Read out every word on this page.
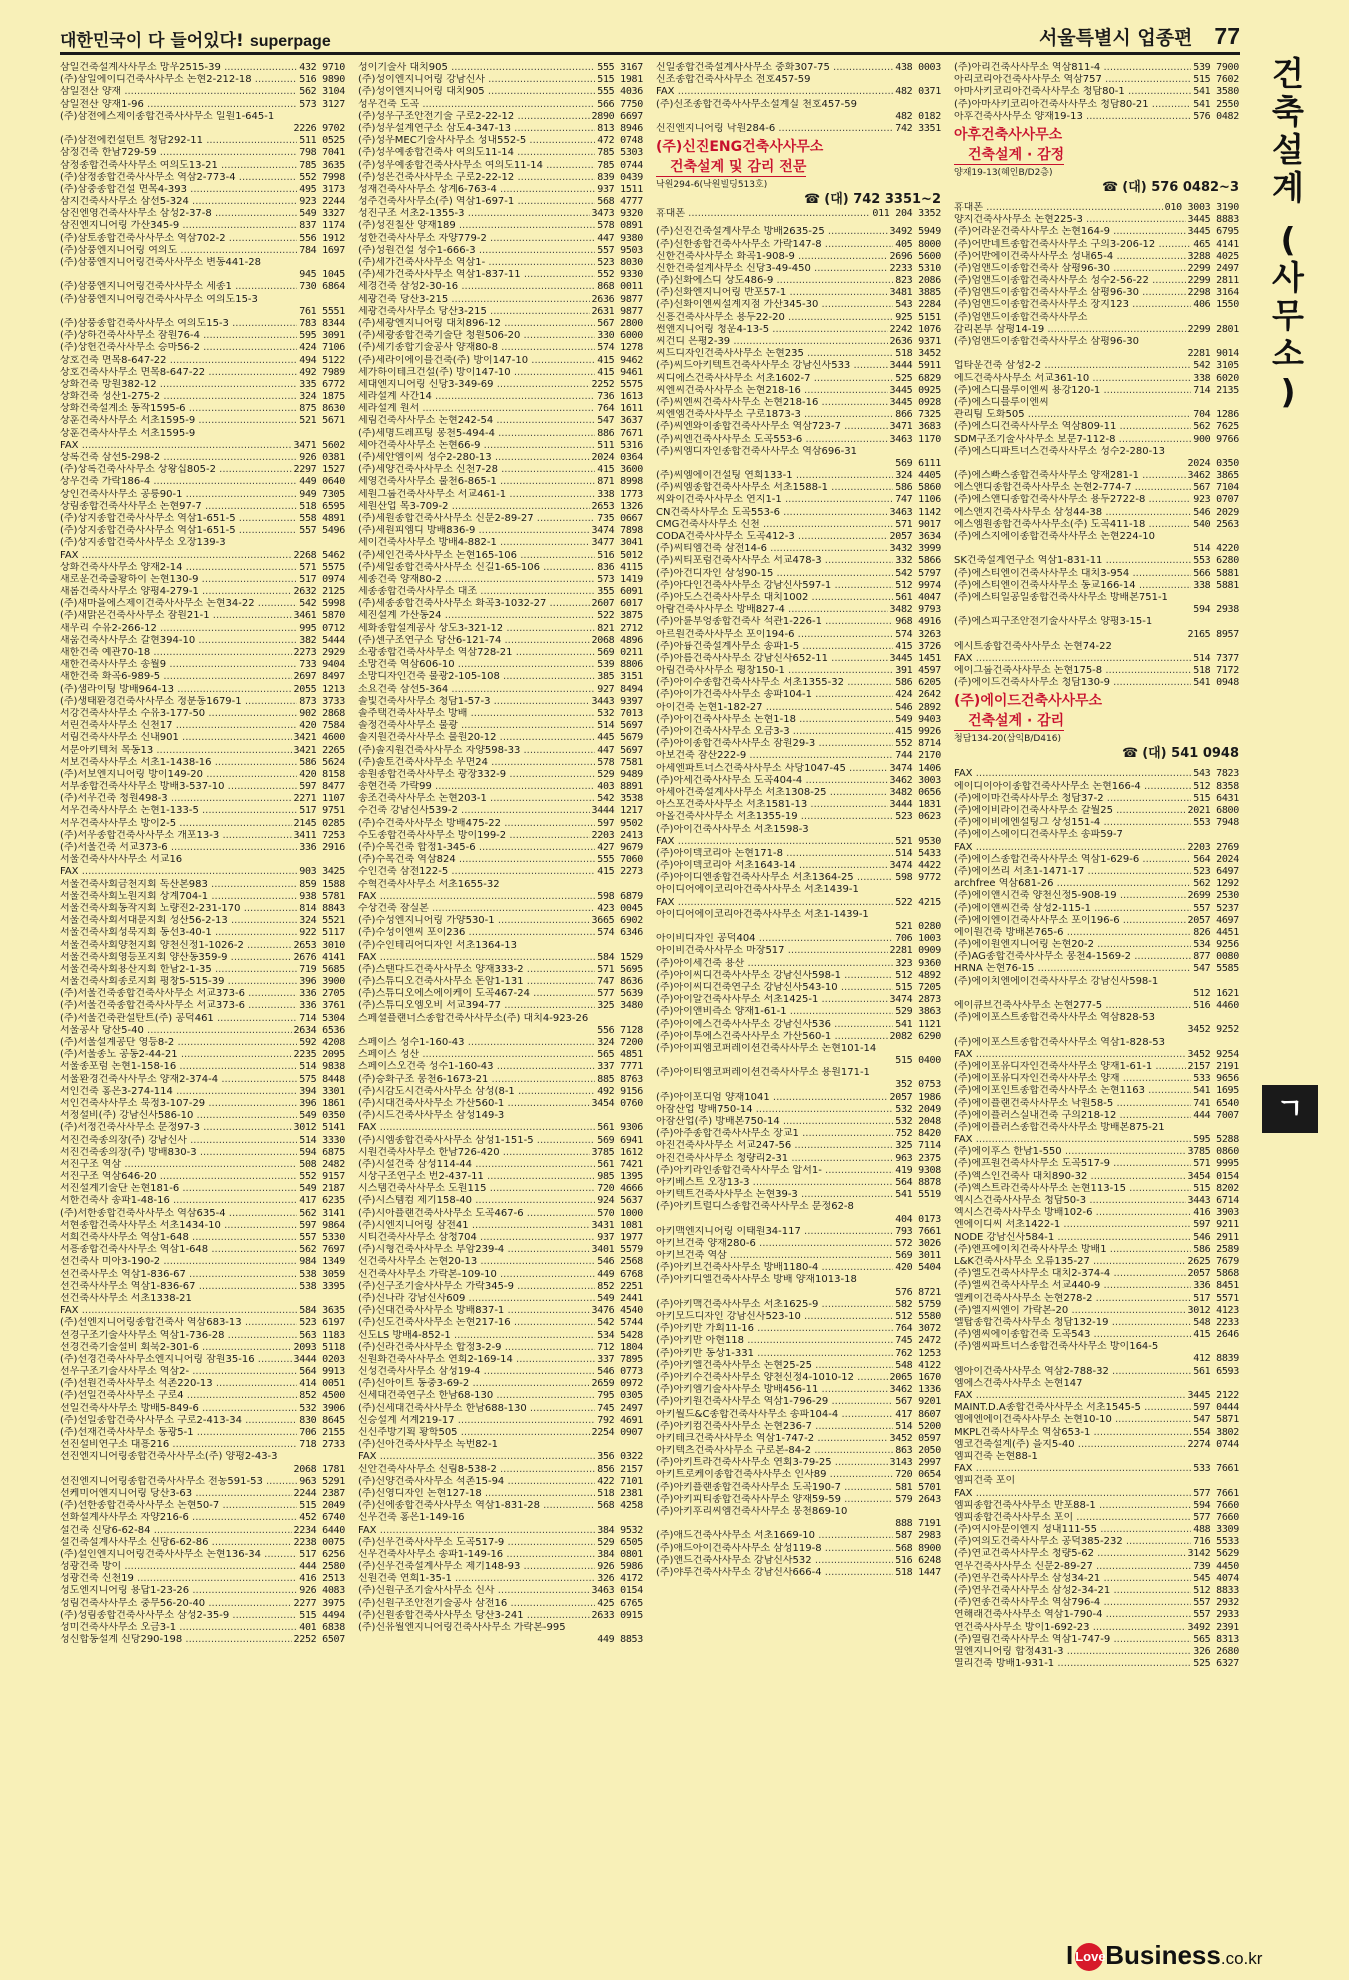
대한민국이 다 들어있다! superpage	서울특별시 업종편 77
건
축
설
계
(
사
무
소
)
ㄱ
삼일건축설계사사무소 망우2515-39 .....	432 9710
(주)삼일에이디건축사사무소 논현2-212-18 .....	516 9890
삼일전산 양재 .....	562 3104
삼일전산 양재1-96 .....	573 3127
(주)삼전에스제이종합건축사사무소 일원1-645-1
2226 9702
(주)삼전에컨설턴트 청담292-11 .....	511 0525
삼정건축 한남729-59 .....	798 7041
삼정종합건축사사무소 여의도13-21 .....	785 3635
(주)삼정종합건축사사무소 역삼2-773-4 .....	552 7998
(주)삼중종합건설 면목4-393 .....	495 3173
삼지건축사사무소 삼선5-324 .....	923 2244
삼진엔영건축사사무소 삼성2-37-8 .....	549 3327
삼진엔지니어링 가산345-9 .....	837 1174
(주)삼토종합건축사사무소 역삼702-2 .....	556 1912
(주)삼풍엔지니어링 여의도 .....	784 1697
(주)삼풍엔지니어링건축사사무소 변동441-28
945 1045
(주)삼풍엔지니어링건축사사무소 세종1 .....	730 6864
(주)삼풍엔지니어링건축사사무소 여의도15-3
761 5551
(주)삼풍종합건축사사무소 여의도15-3 .....	783 8344
(주)상하건축사사무소 잠원76-4 .....	595 3091
(주)상헌건축사사무소 승마56-2 .....	424 7106
상호건축 면목8-647-22 .....	494 5122
상호건축사사무소 면목8-647-22 .....	492 7989
상화건축 망원382-12 .....	335 6772
상화건축 성산1-275-2 .....	324 1875
상화건축설계소 동작1595-6 .....	875 8630
상훈건축사사무소 서초1595-9 .....	521 5671
상훈건축사사무소 서초1595-9
FAX .....	3471 5602
상록건축 삼선5-298-2 .....	926 0381
(주)상록건축사사무소 상왕십805-2 .....	2297 1527
상우건축 가락186-4 .....	449 0640
상인건축사사무소 공릉90-1 .....	949 7305
상림종합건축사사무소 논현97-7 .....	518 6595
(주)상지종합건축사사무소 역삼1-651-5 .....	558 4891
(주)상지종합건축사사무소 역삼1-651-5 .....	557 5496
(주)상지종합건축사사무소 오장139-3
FAX .....	2268 5462
상화건축사사무소 양재2-14 .....	571 5575
새로운건축출황하이 논현130-9 .....	517 0974
새롬건축사사무소 양평4-279-1 .....	2632 2125
(주)새마을에스제이건축사사무소 논현34-22 .....	542 5998
(주)새맑은건축사사무소 잠원21-1 .....	3461 5870
새우리 수유2-266-12 .....	995 0712
새움건축사사무소 갈현394-10 .....	382 5444
새한건축 예관70-18 .....	2273 2929
새한건축사사무소 송월9 .....	733 9404
새한건축 화곡6-989-5 .....	2697 8497
(주)샘라이팅 방배964-13 .....	2055 1213
(주)생태환경건축사사무소 정분동1679-1 .....	873 3733
서강건축사사무소 수유3-177-50 .....	902 2868
서린건축사사무소 신천17 .....	420 7584
서림건축사사무소 신내901 .....	3421 4600
서문아키텍처 목동13 .....	3421 2265
서보건축사사무소 서초1-1438-16 .....	586 5624
(주)서보엔지니어링 방이149-20 .....	420 8158
서부종합건축사사무소 방배3-537-10 .....	597 8477
(주)서우건축 청원498-3 .....	2271 1107
서우건축사사무소 논현1-133-5 .....	517 9751
서우건축사사무소 방이2-5 .....	2145 0285
(주)서우종합건축사사무소 개포13-3 .....	3411 7253
(주)서울건축 서교373-6 .....	336 2916
서울건축사사사무소 서교16
FAX .....	903 3425
서울건축사회금천지회 독산본983 .....	859 1588
서울건축사회노원지회 상계704-1 .....	938 5781
서울건축사회동작지회 노량진2-231-170 .....	814 8843
서울건축사회서대문지회 성산56-2-13 .....	324 5521
서울건축사회성북지회 동선3-40-1 .....	922 5117
서울건축사회양천지회 양천신정1-1026-2 .....	2653 3010
서울건축사회영등포지회 양산동359-9 .....	2676 4141
서울건축사회용산지회 한남2-1-35 .....	719 5685
서울건축사회종로지회 평창5-515-39 .....	396 3900
(주)서울건축종합건축사사무소 서교373-6 .....	336 2705
(주)서울건축종합건축사사무소 서교373-6 .....	336 3761
(주)서울건축관설탄트(주) 공덕461 .....	714 5304
서울공사 당산5-40 .....	2634 6536
(주)서울설계공단 영등8-2 .....	592 4208
(주)서울종노 공동2-44-21 .....	2235 2095
서울종포럼 논현1-158-16 .....	514 9838
서울환경건축사사무소 양재2-374-4 .....	575 8448
서인건축 홍은3-274-114 .....	394 3301
서인건축사사무소 북정3-107-29 .....	396 1861
서정설비(주) 강남신사586-10 .....	549 0350
(주)서정건축사사무소 문정97-3 .....	3012 5141
서진건축종의장(주) 강남신사 .....	514 3330
서진건축종의장(주) 방배830-3 .....	594 6875
서진구조 역삼 .....	508 2482
서진구조 역삼646-20 .....	552 9157
서진설계기술단 논현181-6 .....	549 2187
서한건축사 송파1-48-16 .....	417 6235
(주)서한종합건축사사무소 역삼635-4 .....	562 3141
서현종합건축사사무소 서초1434-10 .....	597 9864
서희건축사사무소 역삼1-648 .....	557 5330
서흥종합건축사사무소 역삼1-648 .....	562 7697
선건축사 미아3-190-2 .....	984 1349
선건축사무소 역삼1-836-67 .....	538 3059
선건축사사무소 역삼1-836-67 .....	538 3395
선건축사사무소 서초1338-21
FAX .....	584 3635
(주)선엔지니어링종합건축사 역삼683-13 .....	523 6197
선경구조기술사사무소 역삼1-736-28 .....	563 1183
선경건축기술설비 회묵2-301-6 .....	2093 5118
(주)선경건축사사무소엔지니어링 잠원35-16 .....	3444 0203
선우구조기술사사무소 역삼2- .....	564 9913
(주)선원건축사사무소 석촌220-13 .....	414 0051
(주)선일건축사사무소 구로4 .....	852 4500
선일건축사사무소 방배5-849-6 .....	532 3906
(주)선일종합건축사사무소 구로2-413-34 .....	830 8645
(주)선재건축사사무소 동광5-1 .....	706 2155
선진설비연구소 대흥216 .....	718 2733
선진엔지니어링종합건축사사무소(주) 양평2-43-3
2068 1781
선진엔지니어링종합건축사사무소 전농591-53 .....	963 5291
선케미어엔지니어링 당산3-63 .....	2244 2387
(주)선한종합건축사사무소 논현50-7 .....	515 2049
선화설계사사무소 자양216-6 .....	452 6740
설건축 신당6-62-84 .....	2234 6440
설건축설계사사무소 신당6-62-86 .....	2238 0075
(주)설인엔지니어링건축사사무소 논현136-34 .....	517 6256
성광건축 방이 .....	444 2580
성광건축 신천19 .....	416 2513
성도엔지니어링 용답1-23-26 .....	926 4083
성림건축사사무소 충무56-20-40 .....	2277 3975
(주)성림종합건축사사무소 삼성2-35-9 .....	515 4494
성미건축사사무소 오금3-1 .....	401 6838
성신합동설계 신당290-198 .....	2252 6507
성이기술사 대치905 .....	555 3167
(주)성이엔지니어링 강남신사 .....	515 1981
(주)성이엔지니어링 대치905 .....	555 4036
성우건축 도곡 .....	566 7750
(주)성우구조안전기술 구로2-22-12 .....	2890 6697
(주)성우설계연구소 삼도4-347-13 .....	813 8946
(주)성우MEC기술사사무소 성내552-5 .....	472 0748
(주)성우예종합건축사 여의도11-14 .....	785 5303
(주)성우예종합건축사사무소 여의도11-14 .....	785 0744
(주)성은건축사사무소 구로2-22-12 .....	839 0439
성재건축사사무소 상계6-763-4 .....	937 1511
성주건축사사무소(주) 역삼1-697-1 .....	568 4777
성진구조 서초2-1355-3 .....	3473 9320
(주)성진칠산 양재189 .....	578 0891
성한건축사사무소 자양779-2 .....	447 9380
(주)성원건설 성수1-666-3 .....	557 9503
(주)세가건축사사무소 역삼1- .....	523 8030
(주)세가건축사사무소 역삼1-837-11 .....	552 9330
세경건축 삼성2-30-16 .....	868 0011
세광건축 당산3-215 .....	2636 9877
세광건축사사무소 당산3-215 .....	2631 9877
(주)세광엔지니어링 대치896-12 .....	567 2800
(주)세광종합건축기술단 청원506-20 .....	330 6000
(주)세기종합기술공사 양재80-8 .....	574 1278
(주)세라이에이블건축(주) 방이147-10 .....	415 9462
세가하이테크건설(주) 방이147-10 .....	415 9461
세대엔지니어링 신당3-349-69 .....	2252 5575
세라설계 사간14 .....	736 1613
세라설계 원서 .....	764 1611
세림건축사사무소 논현242-54 .....	547 3637
(주)세명드레프팅 봉천5-494-4 .....	886 7671
세아건축사사무소 논현66-9 .....	511 5316
(주)세안엠이씨 성수2-280-13 .....	2024 0364
(주)세양건축사사무소 신천7-28 .....	415 3600
세영건축사사무소 불천6-865-1 .....	871 8998
세원그룹건축사사무소 서교461-1 .....	338 1773
세원산업 목3-709-2 .....	2653 1326
(주)세원종합건축사사무소 신문2-89-27 .....	735 0667
(주)세원피엠디 방배836-9 .....	3474 7898
세이건축사사무소 방배4-882-1 .....	3477 3041
(주)세인건축사사무소 논현165-106 .....	516 5012
(주)세일종합건축사사무소 신길1-65-106 .....	836 4115
세종건축 양재80-2 .....	573 1419
세종종합건축사사무소 대조 .....	355 6091
(주)세종종합건축사사무소 화곡3-1032-27 .....	2607 6017
세진설계 가산동24 .....	522 3875
세화종합설계공사 상도3-321-12 .....	821 2712
(주)센구조연구소 당산6-121-74 .....	2068 4896
소광종합건축사사무소 역삼728-21 .....	569 0211
소망건축 역삼606-10 .....	539 8806
소망디자인건축 불광2-105-108 .....	385 3151
소요건축 삼선5-364 .....	927 8494
솔빛건축사사무소 청담1-57-3 .....	3443 9397
솔주택건축사사무소 방배 .....	532 7013
솔정건축사사무소 불광 .....	514 5697
솔지원건축사사무소 불원20-12 .....	445 5679
(주)솔지원건축사사무소 자양598-33 .....	447 5697
(주)솔토건축사사무소 우면24 .....	578 7581
송원종합건축사사무소 광장332-9 .....	529 9489
송현건축 가락99 .....	403 8891
송조건축사사무소 논현203-1 .....	542 3538
수건축 강남신사539-2 .....	3444 1217
(주)수건축사사무소 방배475-22 .....	597 9502
수도종합건축사사무소 방이199-2 .....	2203 2413
(주)수목건축 합정1-345-6 .....	427 9679
(주)수목건축 역삼824 .....	555 7060
수인건축 삼전122-5 .....	415 2273
수혁건축사사무소 서초1655-32
FAX .....	598 6879
수상건축 잠실본 .....	423 0045
(주)수성엔지니어링 가양530-1 .....	3665 6902
(주)수성이엔씨 포이236 .....	574 6346
(주)수인테리어디자인 서초1364-13
FAX .....	584 1529
(주)스탠다드건축사사무소 양재333-2 .....	571 5695
(주)스튜디오건축사사무소 돈암1-131 .....	747 8636
(주)스튜디오에스에이케이 도곡467-24 .....	577 5639
(주)스튜디오엠오비 서교394-77 .....	325 3480
스페셜플랜너스종합건축사사무소(주) 대치4-923-26
556 7128
스페이스 성수1-160-43 .....	324 7200
스페이스 성산 .....	565 4851
스페이스오건축 성수1-160-43 .....	337 7771
(주)승화구조 봉천6-1673-21 .....	885 8763
(주)시감도시건축사사무소 삼성(8-1 .....	492 9156
(주)시대건축사사무소 가산560-1 .....	3454 0760
(주)시드건축사사무소 삼성149-3
FAX .....	561 9306
(주)시엠종합건축사사무소 삼성1-151-5 .....	569 6941
시원건축사사무소 한남726-420 .....	3785 1612
(주)시설건축 삼성114-44 .....	561 7421
시상구조연구소 번2-437-11 .....	985 1395
시스템건축사사무소 도원115 .....	720 4666
(주)시스템컴 제기158-40 .....	924 5637
(주)시아플랜건축사사무소 도곡467-6 .....	570 1000
(주)시엔지니어링 삼전41 .....	3431 1081
시티건축사사무소 삼청704 .....	937 1977
(주)시형건축사사무소 부암239-4 .....	3401 5579
신건축사사무소 논현20-13 .....	546 2568
신건축사사무소 가락본-109-10 .....	449 6768
(주)신구조기술사사무소 가락345-9 .....	852 2251
(주)신나라 강남신사609 .....	549 2441
(주)신대건축사사무소 방배837-1 .....	3476 4540
(주)신도건축사사무소 논현217-16 .....	542 5744
신도LS 방배4-852-1 .....	534 5428
(주)신라건축사사무소 합정3-2-9 .....	712 1804
신원화건축사사무소 연희2-169-14 .....	337 7895
신성건축사사무소 삼성19-4 .....	546 0773
(주)신아이트 동충3-69-2 .....	2659 0972
신세대건축연구소 한남68-130 .....	795 0305
(주)신세대건축사사무소 한남688-130 .....	745 2497
신승설계 서계219-17 .....	792 4691
신신주방기획 황학505 .....	2254 0907
(주)신아건축사사무소 녹번82-1
FAX .....	356 0322
신안건축사사무소 신림8-538-2 .....	856 2157
(주)신양건축사사무소 석촌15-94 .....	422 7101
(주)신영디자인 논현127-18 .....	518 2381
(주)신에종합건축사사무소 역삼1-831-28 .....	568 4258
신우건축 홍은1-149-16
FAX .....	384 9532
(주)신우건축사사무소 도곡517-9 .....	529 6505
신우건축사사무소 송파1-149-16 .....	384 0801
(주)신우건축설계사무소 제기148-93 .....	926 5986
신원건축 연희1-35-1 .....	326 4172
(주)신원구조기술사사무소 신사 .....	3463 0154
(주)신원구조안전기술공사 삼전16 .....	425 6765
(주)신원종합건축사사무소 당산3-241 .....	2633 0915
(주)신유월엔지니어링건축사사무소 가락본-995
449 8853
신일종합건축설계사사무소 중화307-75 .....	438 0003
신조종합건축사사무소 전호457-59
FAX .....	482 0371
(주)신조종합건축사사무소설계실 천호457-59
482 0182
신진엔지니어링 낙원284-6 .....	742 3351
(주)신진ENG건축사사무소
건축설계 및 감리 전문
낙원294-6(낙원빌딩513호)
☎ (대) 742 3351~2
휴대폰 .....	011 204 3352
(주)신진건축설계사무소 방배2635-25 .....	3492 5949
(주)신한종합건축사사무소 가락147-8 .....	405 8000
신한건축사사무소 화곡1-908-9 .....	2696 5600
신한건축설계사무소 신당3-49-450 .....	2233 5310
(주)신화에스디 상도486-9 .....	823 2086
(주)신화엔지니어링 반포57-1 .....	3481 3885
(주)신화이엔씨설계지점 가산345-30 .....	543 2284
신흥건축사사무소 용두22-20 .....	925 5151
썬앤지니어링 청운4-13-5 .....	2242 1076
씨건디 은평2-39 .....	2636 9371
씨드디자인건축사사무소 논현235 .....	518 3452
(주)씨드아키텍트건축사사무소 강남신사533 .....	3444 5911
씨디에스건축사사무소 서초1602-7 .....	525 6829
씨엔씨건축사사무소 논현218-16 .....	3445 0925
(주)씨엔씨건축사사무소 논현218-16 .....	3445 0928
씨엔엠건축사사무소 구로1873-3 .....	866 7325
(주)씨엔와이종합건축사사무소 역삼723-7 .....	3471 3683
(주)씨엔건축사사무소 도곡553-6 .....	3463 1170
(주)씨엠디자인종합건축사사무소 역삼696-31
569 6111
(주)씨엠에이건설팅 연희133-1 .....	324 4405
(주)씨엠종합건축사사무소 서초1588-1 .....	586 5860
씨와이건축사사무소 연지1-1 .....	747 1106
CN건축사사무소 도곡553-6 .....	3463 1142
CMG건축사사무소 신천 .....	571 9017
CODA건축사사무소 도곡412-3 .....	2057 3634
(주)씨티엠건축 삼전14-6 .....	3432 3999
(주)씨티포럼건축사사무소 서교478-3 .....	332 5866
(주)아건디자인 삼성90-15 .....	542 5797
(주)아다인건축사사무소 강남신사597-1 .....	512 9974
(주)아도스건축사사무소 대치1002 .....	561 4047
아람건축사사무소 방배827-4 .....	3482 9793
(주)아륜부엉종합건축사 석관1-226-1 .....	968 4916
아르원건축사사무소 포이194-6 .....	574 3263
(주)아륭건축설계사무소 송파1-5 .....	415 3726
(주)아름건축사사무소 강남신사652-11 .....	3445 1451
아림건축사사무소 평창150-1 .....	391 4597
(주)아이수종합건축사사무소 서초1355-32 .....	586 6205
(주)아이가건축사사무소 송파104-1 .....	424 2642
아이건축 논현1-182-27 .....	546 2892
(주)아이건축사사무소 논현1-18 .....	549 9403
(주)아이건축사사무소 오금3-3 .....	415 9926
(주)아이종합건축사사무소 잠원29-3 .....	552 8714
아보건축 잠산222-9 .....	744 2170
아세엔파트너스건축사사무소 사당1047-45 .....	3474 1406
(주)아세건축사사무소 도곡404-4 .....	3462 3003
아세아건축설계사사무소 서초1308-25 .....	3482 0656
아스포건축사사무소 서초1581-13 .....	3444 1831
아올건축사사무소 서초1355-19 .....	523 0623
(주)아이건축사사무소 서초1598-3
FAX .....	521 9530
(주)아이덱코리아 논현171-8 .....	514 5433
(주)아이덱코리아 서초1643-14 .....	3474 4422
(주)아이디엔종합건축사사무소 서초1364-25 .....	598 9772
아이디어에이코리아건축사사무소 서초1439-1
FAX .....	522 4215
아이디어에이코리아건축사사무소 서초1-1439-1
521 0280
아이비디자인 공덕404 .....	706 1003
아이비건축사사무소 마장517 .....	2281 0909
(주)아이세건축 용산 .....	323 9360
(주)아이씨디건축사사무소 강남신사598-1 .....	512 4892
(주)아이씨디건축연구소 강남신사543-10 .....	515 7205
(주)아이알건축사사무소 서초1425-1 .....	3474 2873
(주)아이앤비측소 양재1-61-1 .....	529 3863
(주)아이에스건축사사무소 강남신사536 .....	541 1121
(주)아이투에스건축사사무소 가산560-1 .....	2082 6290
(주)아이피엠코퍼레이션건축사사무소 논현101-14
515 0400
(주)아이티엠코퍼레이션건축사사무소 용원171-1
352 0753
(주)아이포디엄 양재1041 .....	2057 1986
아잠산업 방배750-14 .....	532 2049
아잠산업(주) 방배본750-14 .....	532 2048
(주)아주종합건축사사무소 장교1 .....	752 8420
아진건축사사무소 서교247-56 .....	325 7114
아진건축사사무소 청량리2-31 .....	963 2375
(주)아키라인종합건축사사무소 압서1- .....	419 9308
아키베스트 오장13-3 .....	564 8878
아키텍트건축사사무소 논현39-3 .....	541 5519
(주)아키트럴디스종합건축사사무소 문정62-8
404 0173
아키맥엔지니어링 이태원34-117 .....	793 7661
아키브건축 양재280-6 .....	572 3026
아키브건축 역삼 .....	569 3011
(주)아키브건축사사무소 방배1180-4 .....	420 5404
(주)아키디엘건축사사무소 방배 양재1013-18
576 8721
(주)아키맥건축사사무소 서초1625-9 .....	582 5759
아키모드디자인 강남신사523-10 .....	512 5580
(주)아키반 가회11-16 .....	764 3072
(주)아키반 아현118 .....	745 2472
(주)아키반 동상1-331 .....	762 1253
(주)아키엘건축사사무소 논현25-25 .....	548 4122
(주)아키수건축사사무소 양천신정4-1010-12 .....	2065 1670
(주)아키엠기술사사무소 방배456-11 .....	3462 1336
(주)아키원건축사사무소 역삼1-796-29 .....	567 9201
아키월드&C종합건축사사무소 송파104-4 .....	417 8607
(주)아키컴건축사사무소 논현236-7 .....	514 5200
아키테크건축사사무소 역삼1-747-2 .....	3452 0597
아키텍츠건축사사무소 구로본-84-2 .....	863 2050
(주)아키트라건축사사무소 연회3-79-25 .....	3143 2997
아키트로케이종합건축사사무소 인사89 .....	720 0654
(주)아키플랜종합건축사사무소 도곡190-7 .....	581 5701
(주)아키피티종합건축사사무소 양재59-59 .....	579 2643
(주)아키후리씨엠건축사사무소 봉천869-10
888 7191
(주)애드건축사사무소 서초1669-10 .....	587 2983
(주)애드아이건축사사무소 삼성119-8 .....	568 8900
(주)앤드건축사사무소 강남신사532 .....	516 6248
(주)야루건축사사무소 강남신사666-4 .....	518 1447
(주)아리건축사사무소 역삼811-4 .....	539 7900
아리코리아건축사사무소 역삼757 .....	515 7602
아마사키코리아건축사사무소 청담80-1 .....	541 3580
(주)아마사키코리아건축사사무소 청담80-21 .....	541 2550
아후건축사사무소 양재19-13 .....	576 0482
아후건축사사무소
건축설계 · 감정
양재19-13(혜인B/D2층)
☎ (대) 576 0482~3
휴대폰 .....	010 3003 3190
양지건축사사무소 논현225-3 .....	3445 8883
(주)어라운건축사사무소 논현164-9 .....	3445 6795
(주)어반네트종합건축사사무소 구의3-206-12 .....	465 4141
(주)어반에이건축사사무소 성내65-4 .....	3288 4025
(주)엄앤드이종합건축사 삼평96-30 .....	2299 2497
(주)엄앤드이종합건축사사무소 성수2-56-22 .....	2299 2811
(주)엄앤드이종합건축사사무소 삼평96-30 .....	2298 3164
(주)엄앤드이종합건축사사무소 장지123 .....	406 1550
(주)엄앤드이종합건축사사무소
감리본부 삼평14-19 .....	2299 2801
(주)엄앤드이종합건축사사무소 삼평96-30
2281 9014
업타운건축 삼성2-2 .....	542 3105
에드건축사사무소 서교361-10 .....	338 6020
(주)에스디블루이엔씨 용강120-1 .....	714 2135
(주)에스디블루이엔씨
관리팀 도화505 .....	704 1286
(주)에스디건축사사무소 역삼809-11 .....	562 7625
SDM구조기술사사무소 보문7-112-8 .....	900 9766
(주)에스디파트너스건축사사무소 성수2-280-13
2024 0350
(주)에스빠스종합건축사사무소 양재281-1 .....	3462 3865
에스앤디종합건축사사무소 논현2-774-7 .....	567 7104
(주)에스앤디종합건축사사무소 용두2722-8 .....	923 0707
에스앤지건축사사무소 삼성44-38 .....	546 2029
에스엠원종합건축사사무소(주) 도곡411-18 .....	540 2563
(주)에스지에이종합건축사사무소 논현224-10
514 4220
SK건축설계연구소 역삼1-831-11 .....	553 6280
(주)에스티엔이건축사사무소 대치3-954 .....	566 5881
(주)에스티엔이건축사사무소 동교166-14 .....	338 5881
(주)에스티일공일종합건축사사무소 방배본751-1
594 2938
(주)에스피구조안전기술사사무소 양평3-15-1
2165 8957
에시트종합건축사사무소 논현74-22
FAX .....	514 7377
에이그룹건축사사무소 논현175-8 .....	518 7172
(주)에이드건축사사무소 청담130-9 .....	541 0948
(주)에이드건축사사무소
건축설계 · 감리
청담134-20(삼익B/D416)
☎ (대) 541 0948
FAX .....	543 7823
에이디이아이종합건축사사무소 논현166-4 .....	512 8358
(주)에이마건축사사무소 청담37-2 .....	515 6431
(주)에이비라이건축사사무소 갈월25 .....	2021 6800
(주)에이비에엔설팅그 상성151-4 .....	553 7948
(주)에이스에이디건축사무소 송파59-7
FAX .....	2203 2769
(주)에이스종합건축사사무소 역삼1-629-6 .....	564 2024
(주)에이쓰리 서초1-1471-17 .....	523 6497
archfree 역삼681-26 .....	562 1292
(주)에이앤시건축 양천신정5-908-19 .....	2699 2530
(주)에이앤씨건축 삼성2-115-1 .....	557 5237
(주)에이엔이건축사사무소 포이196-6 .....	2057 4697
에이원건축 방배본765-6 .....	826 4451
(주)에이원엔지니어링 논현20-2 .....	534 9256
(주)AG종합건축사사무소 봉천4-1569-2 .....	877 0080
HRNA 논현76-15 .....	547 5585
(주)에이치엔에이건축사사무소 강남신사598-1
512 1621
에이큐브건축사사무소 논현277-5 .....	516 4460
(주)에이포스트종합건축사사무소 역삼828-53
3452 9252
(주)에이포스트종합건축사사무소 역삼1-828-53
FAX .....	3452 9254
(주)에이포유디자인건축사사무소 양재1-61-1 .....	2157 2191
(주)에이포유디자인건축사사무소 양재 .....	533 9656
(주)에이포인트종합건축사사무소 논현1163 .....	541 1695
(주)에이플랜건축사사무소 낙원58-5 .....	741 6540
(주)에이플러스실내건축 구의218-12 .....	444 7007
(주)에이플러스종합건축사사무소 방배본875-21
FAX .....	595 5288
(주)에이후스 한남1-550 .....	3785 0860
(주)에프원건축사사무소 도곡517-9 .....	571 9995
(주)엑스인건축사 대치890-32 .....	3454 0154
(주)엑스트라건축사사무소 논현113-15 .....	515 8202
엑시스건축사사무소 청담50-3 .....	3443 6714
엑시스건축사사무소 방배102-6 .....	416 3903
엔에이디씨 서초1422-1 .....	597 9211
NODE 강남신사584-1 .....	546 2911
(주)엔프에이치건축사사무소 방배1 .....	586 2589
L&K건축사사무소 오류135-27 .....	2625 7679
(주)엘도건축사사무소 대치2-374-4 .....	2057 5868
(주)엘씨건축사사무소 서교440-9 .....	336 8451
엘케이건축사사무소 논현278-2 .....	517 5571
(주)엘지씨엔이 가락본-20 .....	3012 4123
엘탑종합건축사사무소 청담132-19 .....	548 2233
(주)엠씨에이종합건축 도곡543 .....	415 2646
(주)엠씨파트너스종합건축사사무소 방이164-5
412 8839
엠아이건축사사무소 역삼2-788-32 .....	561 6593
엠에스건축사사무소 논현147
FAX .....	3445 2122
MAINT.D.A종합건축사사무소 서초1545-5 .....	597 0444
엠에엔에이건축사사무소 논현10-10 .....	547 5871
MKPL건축사사무소 역삼653-1 .....	554 3802
엠코건축설계(주) 을지5-40 .....	2274 0744
엠피건축 논현88-1
FAX .....	533 7661
엠피건축 포이
FAX .....	577 7661
엠피종합건축사사무소 반포88-1 .....	594 7660
엠피종합건축사사무소 포이 .....	577 7660
(주)여시아문이엔지 성내111-55 .....	488 3309
(주)여의도건축사사무소 공덕385-232 .....	716 5533
(주)연교건축사사무소 청량5-62 .....	3142 5629
연우건축사사무소 신문2-89-27 .....	739 4450
(주)연우건축사사무소 삼성34-21 .....	545 4074
(주)연우건축사사무소 삼성2-34-21 .....	512 8833
(주)연종건축사사무소 역삼796-4 .....	557 2932
연해래건축사사무소 역삼1-790-4 .....	557 2933
연건축사사무소 방이1-692-23 .....	3492 2391
(주)열림건축사사무소 역삼1-747-9 .....	565 8313
열엔지니어링 합정431-3 .....	326 2680
열리건축 방배1-931-1 .....	525 6327
I LoveBusiness.co.kr
